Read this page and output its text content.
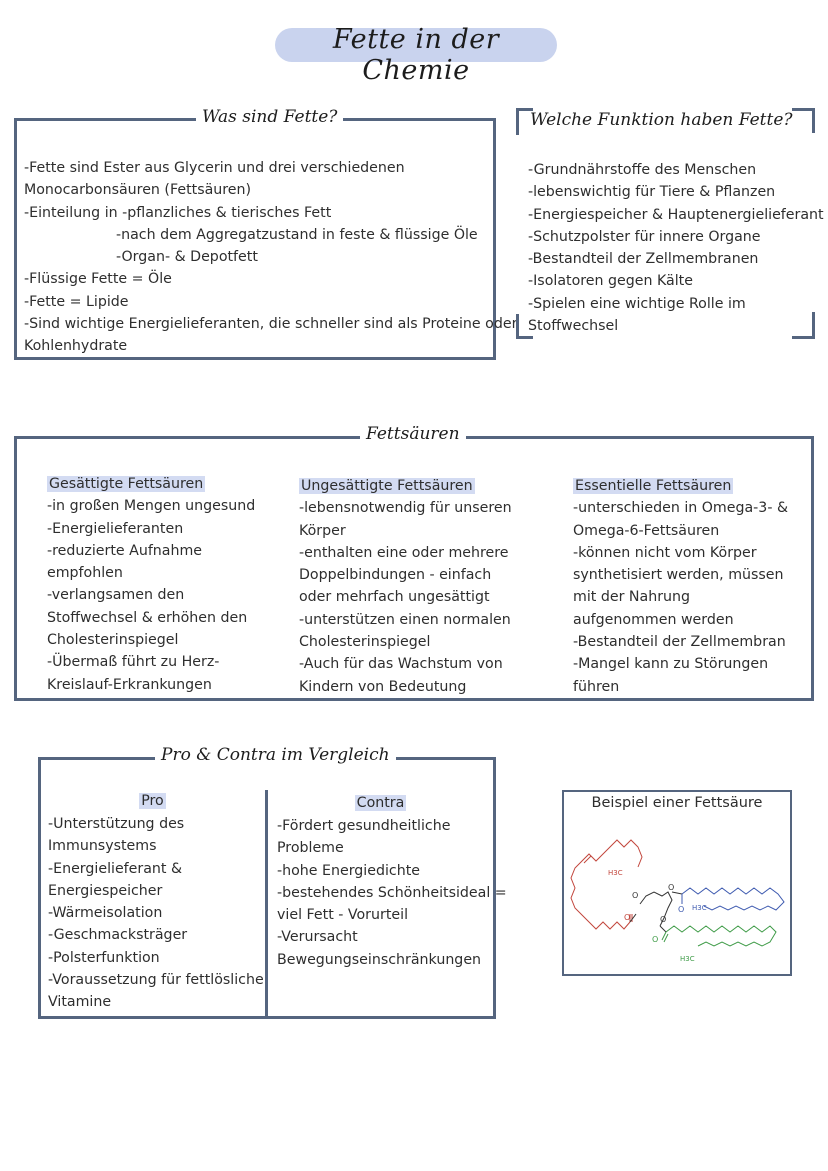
Fette in der Chemie
Was sind Fette?
-Fette sind Ester aus Glycerin und drei verschiedenen
Monocarbonsäuren (Fettsäuren)
-Einteilung in -pflanzliches & tierisches Fett
-nach dem Aggregatzustand in feste & flüssige Öle
-Organ- & Depotfett
-Flüssige Fette = Öle
-Fette = Lipide
-Sind wichtige Energielieferanten, die schneller sind als Proteine oder
Kohlenhydrate
Welche Funktion haben Fette?
-Grundnährstoffe des Menschen
-lebenswichtig für Tiere & Pflanzen
-Energiespeicher & Hauptenergielieferant
-Schutzpolster für innere Organe
-Bestandteil der Zellmembranen
-Isolatoren gegen Kälte
-Spielen eine wichtige Rolle im
Stoffwechsel
Fettsäuren
Gesättigte Fettsäuren
-in großen Mengen ungesund
-Energielieferanten
-reduzierte Aufnahme
empfohlen
-verlangsamen den
Stoffwechsel & erhöhen den
Cholesterinspiegel
-Übermaß führt zu Herz-
Kreislauf-Erkrankungen
Ungesättigte Fettsäuren
-lebensnotwendig für unseren
Körper
-enthalten eine oder mehrere
Doppelbindungen - einfach
oder mehrfach ungesättigt
-unterstützen einen normalen
Cholesterinspiegel
-Auch für das Wachstum von
Kindern von Bedeutung
Essentielle Fettsäuren
-unterschieden in Omega-3- &
Omega-6-Fettsäuren
-können nicht vom Körper
synthetisiert werden, müssen
mit der Nahrung
aufgenommen werden
-Bestandteil der Zellmembran
-Mangel kann zu Störungen
führen
Pro & Contra im Vergleich
Pro
-Unterstützung des
Immunsystems
-Energielieferant &
Energiespeicher
-Wärmeisolation
-Geschmacksträger
-Polsterfunktion
-Voraussetzung für fettlösliche
Vitamine
Contra
-Fördert gesundheitliche
Probleme
-hohe Energiedichte
-bestehendes Schönheitsideal =
viel Fett - Vorurteil
-Verursacht
Bewegungseinschränkungen
Beispiel einer Fettsäure
H3C
H3C
H3C
O
O
O
O
O
O
